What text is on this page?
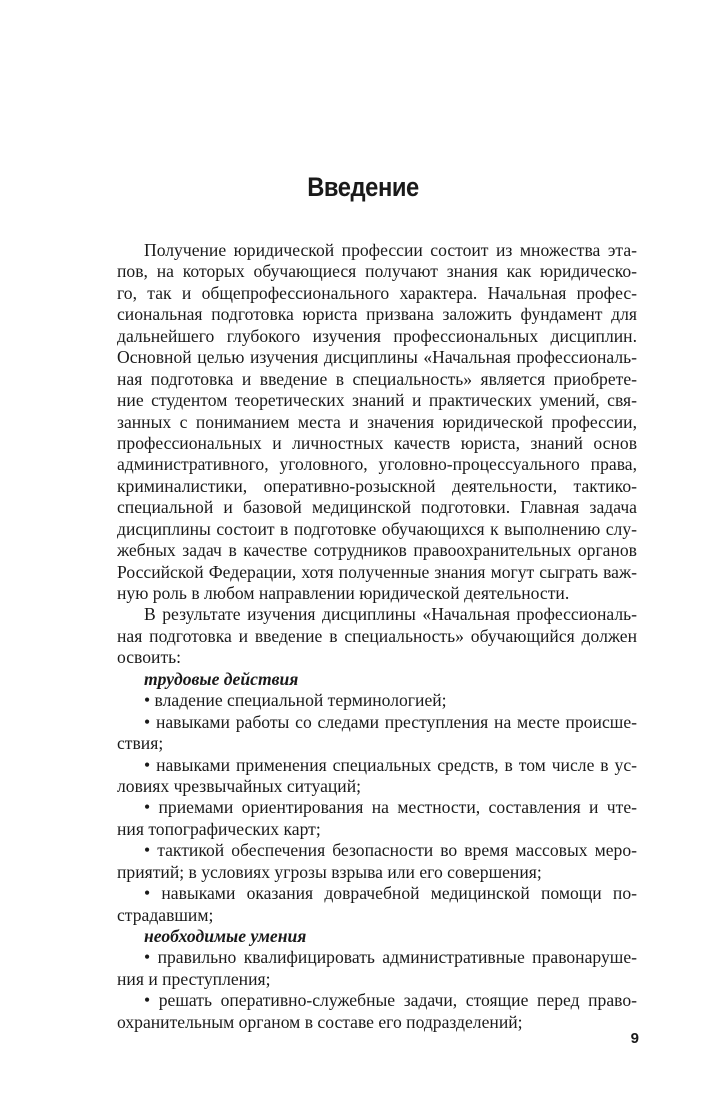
Введение
Получение юридической профессии состоит из множества эта-
пов, на которых обучающиеся получают знания как юридическо-
го, так и общепрофессионального характера. Начальная профес-
сиональная подготовка юриста призвана заложить фундамент для
дальнейшего глубокого изучения профессиональных дисциплин.
Основной целью изучения дисциплины «Начальная профессиональ-
ная подготовка и введение в специальность» является приобрете-
ние студентом теоретических знаний и практических умений, свя-
занных с пониманием места и значения юридической профессии,
профессиональных и личностных качеств юриста, знаний основ
административного, уголовного, уголовно-процессуального права,
криминалистики, оперативно-розыскной деятельности, тактико-
специальной и базовой медицинской подготовки. Главная задача
дисциплины состоит в подготовке обучающихся к выполнению слу-
жебных задач в качестве сотрудников правоохранительных органов
Российской Федерации, хотя полученные знания могут сыграть важ-
ную роль в любом направлении юридической деятельности.
В результате изучения дисциплины «Начальная профессиональ-
ная подготовка и введение в специальность» обучающийся должен
освоить:
трудовые действия
• владение специальной терминологией;
• навыками работы со следами преступления на месте происше-
ствия;
• навыками применения специальных средств, в том числе в ус-
ловиях чрезвычайных ситуаций;
• приемами ориентирования на местности, составления и чте-
ния топографических карт;
• тактикой обеспечения безопасности во время массовых меро-
приятий; в условиях угрозы взрыва или его совершения;
• навыками оказания доврачебной медицинской помощи по-
страдавшим;
необходимые умения
• правильно квалифицировать административные правонаруше-
ния и преступления;
• решать оперативно-служебные задачи, стоящие перед право-
охранительным органом в составе его подразделений;
9
